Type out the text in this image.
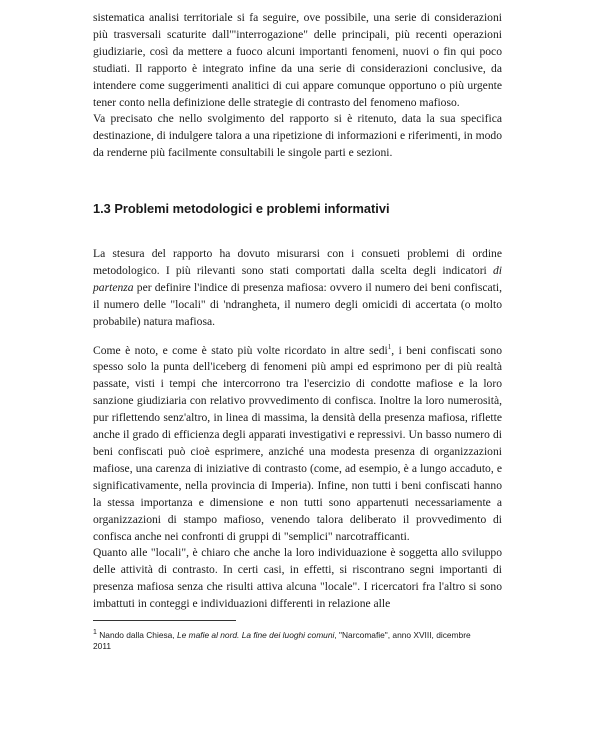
sistematica analisi territoriale si fa seguire, ove possibile, una serie di considerazioni più trasversali scaturite dall'"interrogazione" delle principali, più recenti operazioni giudiziarie, così da mettere a fuoco alcuni importanti fenomeni, nuovi o fin qui poco studiati. Il rapporto è integrato infine da una serie di considerazioni conclusive, da intendere come suggerimenti analitici di cui appare comunque opportuno o più urgente tener conto nella definizione delle strategie di contrasto del fenomeno mafioso.

Va precisato che nello svolgimento del rapporto si è ritenuto, data la sua specifica destinazione, di indulgere talora a una ripetizione di informazioni e riferimenti, in modo da renderne più facilmente consultabili le singole parti e sezioni.

1.3 Problemi metodologici e problemi informativi

La stesura del rapporto ha dovuto misurarsi con i consueti problemi di ordine metodologico. I più rilevanti sono stati comportati dalla scelta degli indicatori di partenza per definire l'indice di presenza mafiosa: ovvero il numero dei beni confiscati, il numero delle "locali" di 'ndrangheta, il numero degli omicidi di accertata (o molto probabile) natura mafiosa.

Come è noto, e come è stato più volte ricordato in altre sedi$^1$, i beni confiscati sono spesso solo la punta dell'iceberg di fenomeni più ampi ed esprimono per di più realtà passate, visti i tempi che intercorrono tra l'esercizio di condotte mafiose e la loro sanzione giudiziaria con relativo provvedimento di confisca. Inoltre la loro numerosità, pur riflettendo senz'altro, in linea di massima, la densità della presenza mafiosa, riflette anche il grado di efficienza degli apparati investigativi e repressivi. Un basso numero di beni confiscati può cioè esprimere, anziché una modesta presenza di organizzazioni mafiose, una carenza di iniziative di contrasto (come, ad esempio, è a lungo accaduto, e significativamente, nella provincia di Imperia). Infine, non tutti i beni confiscati hanno la stessa importanza e dimensione e non tutti sono appartenuti necessariamente a organizzazioni di stampo mafioso, venendo talora deliberato il provvedimento di confisca anche nei confronti di gruppi di "semplici" narcotrafficanti.

Quanto alle "locali", è chiaro che anche la loro individuazione è soggetta allo sviluppo delle attività di contrasto. In certi casi, in effetti, si riscontrano segni importanti di presenza mafiosa senza che risulti attiva alcuna "locale". I ricercatori fra l'altro si sono imbattuti in conteggi e individuazioni differenti in relazione alle

$^1$ Nando dalla Chiesa, Le mafie al nord. La fine dei luoghi comuni, "Narcomafie", anno XVIII, dicembre 2011
